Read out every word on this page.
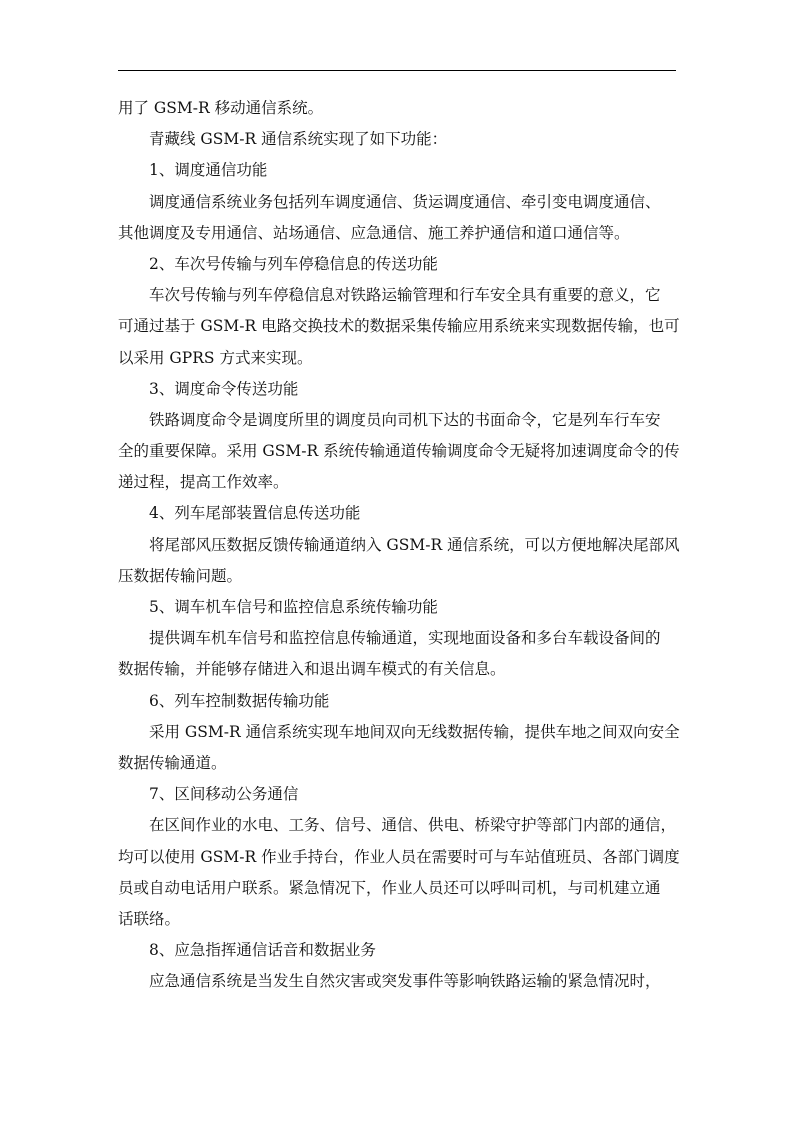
用了 GSM-R 移动通信系统。
青藏线 GSM-R 通信系统实现了如下功能：
1、调度通信功能
调度通信系统业务包括列车调度通信、货运调度通信、牵引变电调度通信、
其他调度及专用通信、站场通信、应急通信、施工养护通信和道口通信等。
2、车次号传输与列车停稳信息的传送功能
车次号传输与列车停稳信息对铁路运输管理和行车安全具有重要的意义，它
可通过基于 GSM-R 电路交换技术的数据采集传输应用系统来实现数据传输，也可
以采用 GPRS 方式来实现。
3、调度命令传送功能
铁路调度命令是调度所里的调度员向司机下达的书面命令，它是列车行车安
全的重要保障。采用 GSM-R 系统传输通道传输调度命令无疑将加速调度命令的传
递过程，提高工作效率。
4、列车尾部装置信息传送功能
将尾部风压数据反馈传输通道纳入 GSM-R 通信系统，可以方便地解决尾部风
压数据传输问题。
5、调车机车信号和监控信息系统传输功能
提供调车机车信号和监控信息传输通道，实现地面设备和多台车载设备间的
数据传输，并能够存储进入和退出调车模式的有关信息。
6、列车控制数据传输功能
采用 GSM-R 通信系统实现车地间双向无线数据传输，提供车地之间双向安全
数据传输通道。
7、区间移动公务通信
在区间作业的水电、工务、信号、通信、供电、桥梁守护等部门内部的通信，
均可以使用 GSM-R 作业手持台，作业人员在需要时可与车站值班员、各部门调度
员或自动电话用户联系。紧急情况下，作业人员还可以呼叫司机，与司机建立通
话联络。
8、应急指挥通信话音和数据业务
应急通信系统是当发生自然灾害或突发事件等影响铁路运输的紧急情况时，
